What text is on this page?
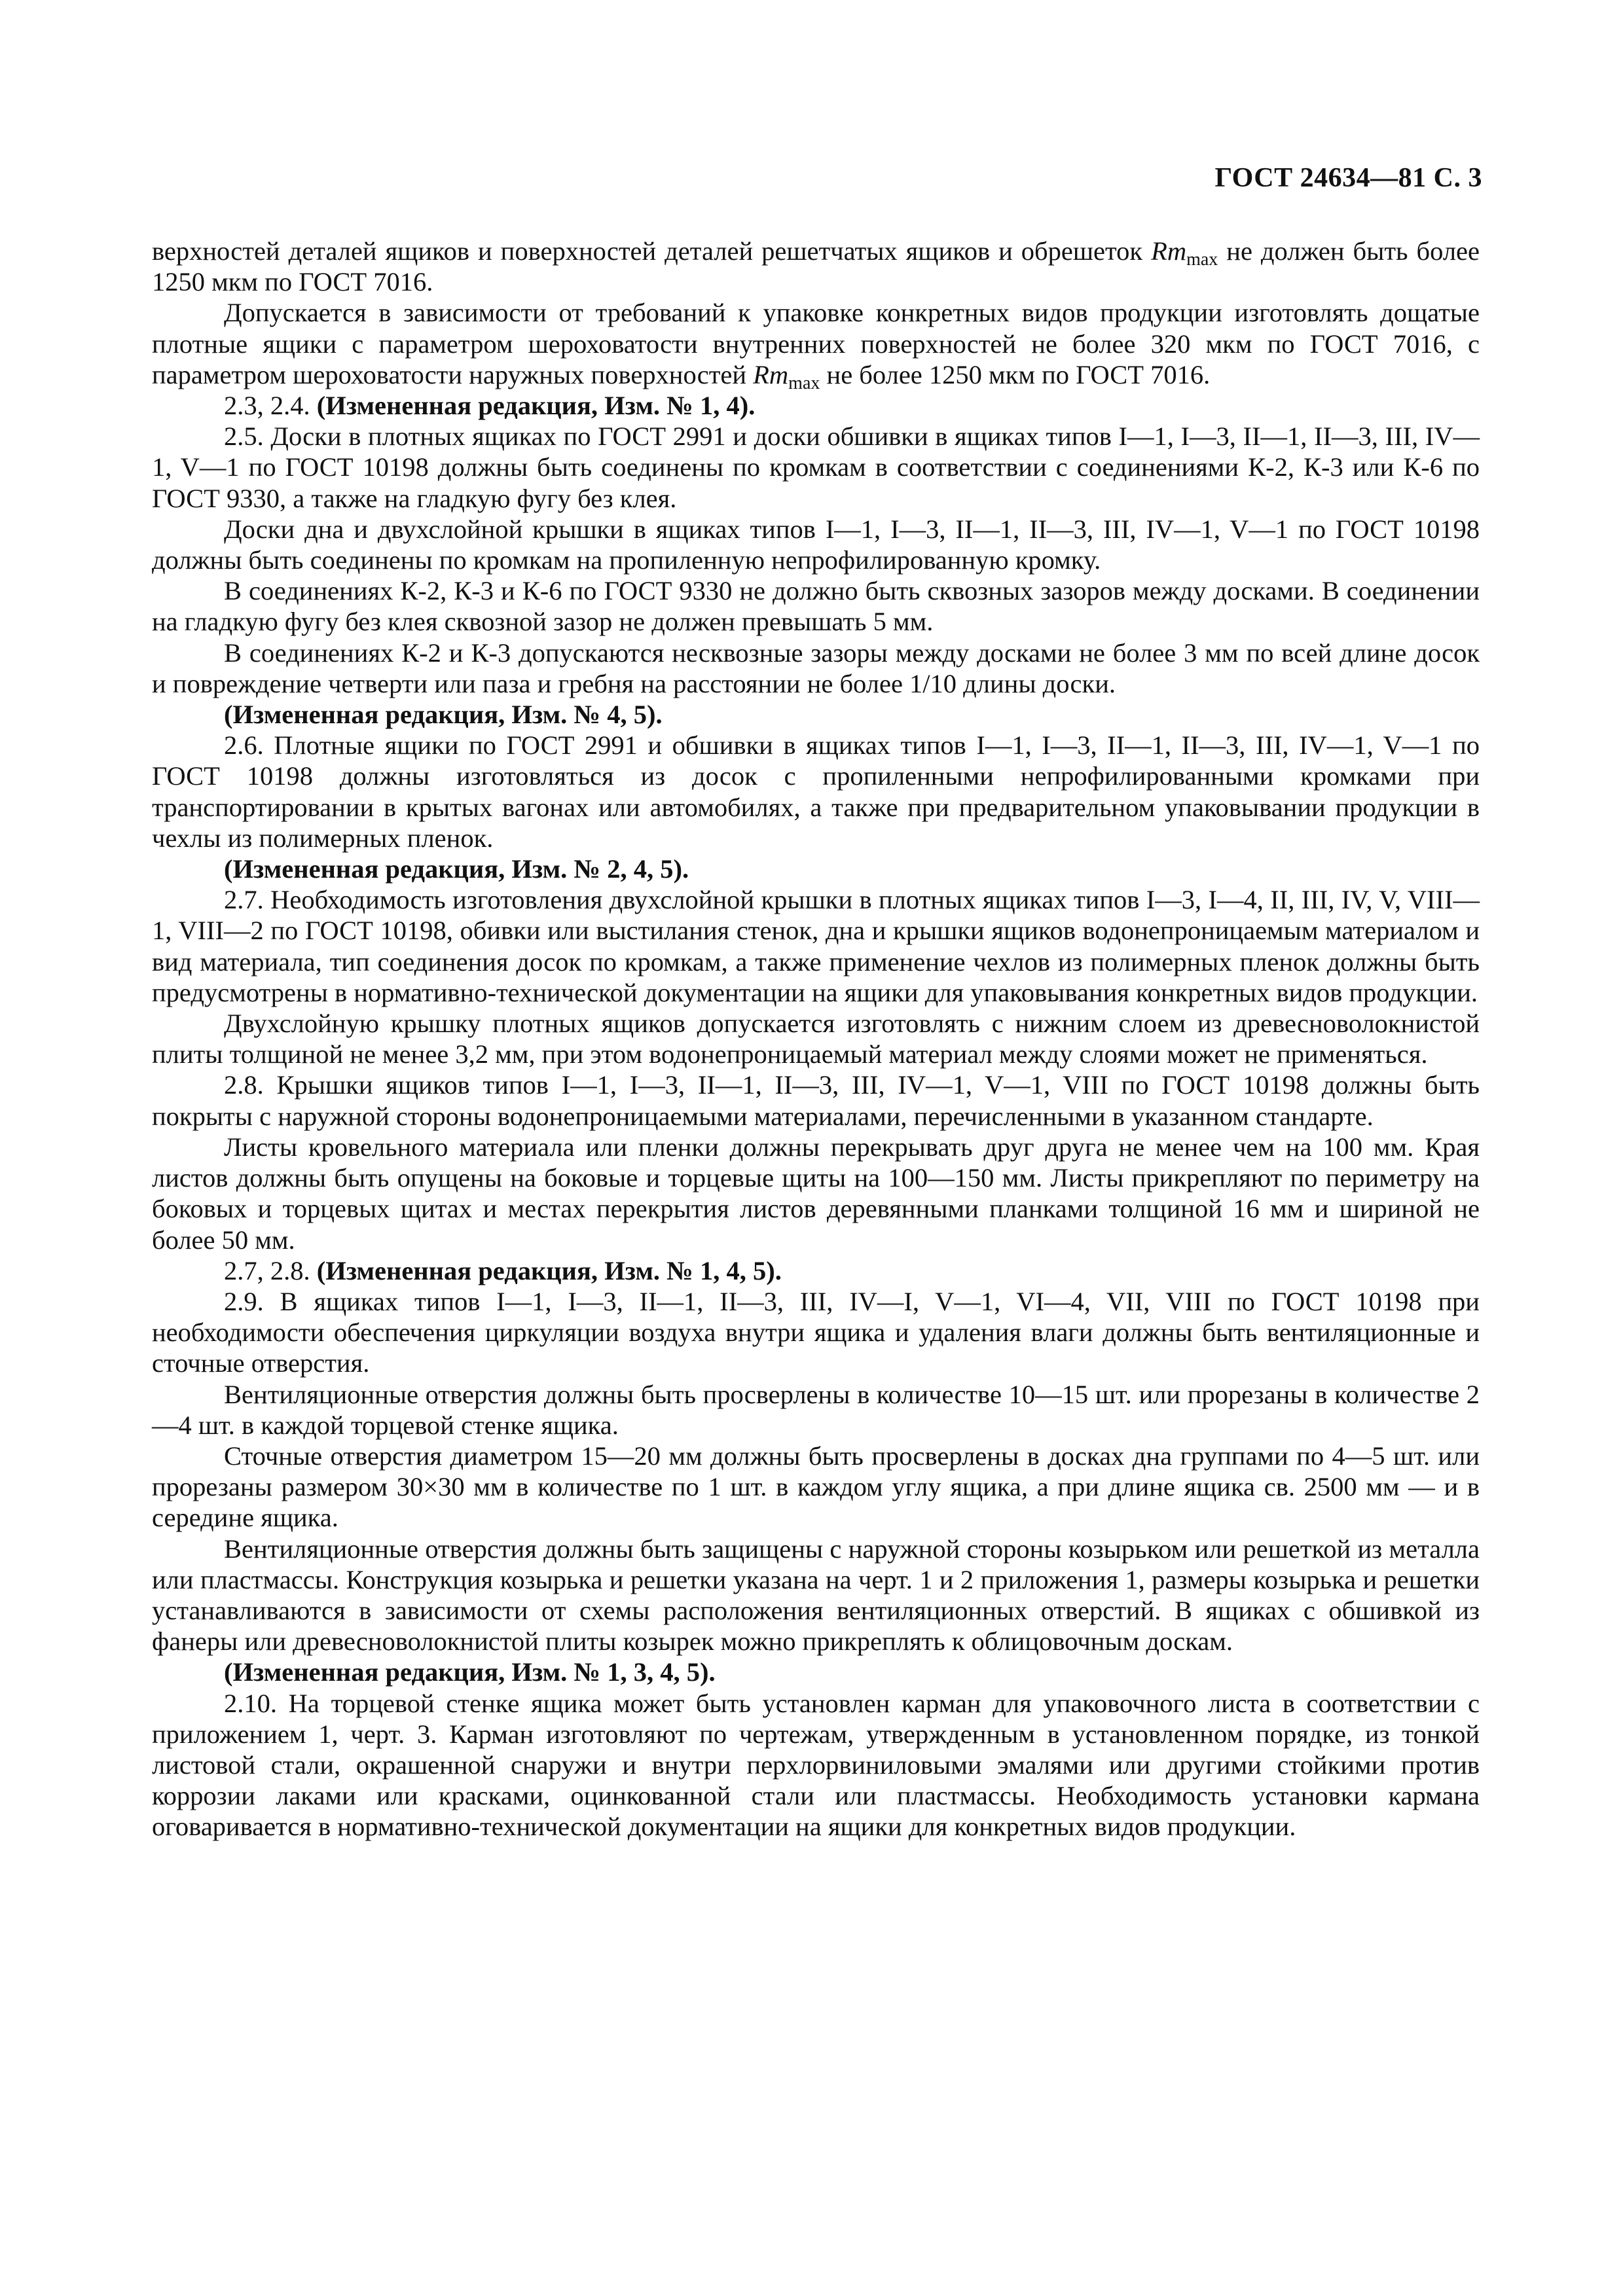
ГОСТ 24634—81 С. 3

верхностей деталей ящиков и поверхностей деталей решетчатых ящиков и обрешеток $Rm_{max}$ не должен быть более 1250 мкм по ГОСТ 7016.

Допускается в зависимости от требований к упаковке конкретных видов продукции изготовлять дощатые плотные ящики с параметром шероховатости внутренних поверхностей не более 320 мкм по ГОСТ 7016, с параметром шероховатости наружных поверхностей $Rm_{max}$ не более 1250 мкм по ГОСТ 7016.

2.3, 2.4. (Измененная редакция, Изм. № 1, 4).

2.5. Доски в плотных ящиках по ГОСТ 2991 и доски обшивки в ящиках типов I—1, I—3, II—1, II—3, III, IV—1, V—1 по ГОСТ 10198 должны быть соединены по кромкам в соответствии с соединениями К-2, К-3 или К-6 по ГОСТ 9330, а также на гладкую фугу без клея.

Доски дна и двухслойной крышки в ящиках типов I—1, I—3, II—1, II—3, III, IV—1, V—1 по ГОСТ 10198 должны быть соединены по кромкам на пропиленную непрофилированную кромку.

В соединениях К-2, К-3 и К-6 по ГОСТ 9330 не должно быть сквозных зазоров между досками. В соединении на гладкую фугу без клея сквозной зазор не должен превышать 5 мм.

В соединениях К-2 и К-3 допускаются несквозные зазоры между досками не более 3 мм по всей длине досок и повреждение четверти или паза и гребня на расстоянии не более 1/10 длины доски.

(Измененная редакция, Изм. № 4, 5).

2.6. Плотные ящики по ГОСТ 2991 и обшивки в ящиках типов I—1, I—3, II—1, II—3, III, IV—1, V—1 по ГОСТ 10198 должны изготовляться из досок с пропиленными непрофилированными кромками при транспортировании в крытых вагонах или автомобилях, а также при предварительном упаковывании продукции в чехлы из полимерных пленок.

(Измененная редакция, Изм. № 2, 4, 5).

2.7. Необходимость изготовления двухслойной крышки в плотных ящиках типов I—3, I—4, II, III, IV, V, VIII—1, VIII—2 по ГОСТ 10198, обивки или выстилания стенок, дна и крышки ящиков водонепроницаемым материалом и вид материала, тип соединения досок по кромкам, а также применение чехлов из полимерных пленок должны быть предусмотрены в нормативно-технической документации на ящики для упаковывания конкретных видов продукции.

Двухслойную крышку плотных ящиков допускается изготовлять с нижним слоем из древесноволокнистой плиты толщиной не менее 3,2 мм, при этом водонепроницаемый материал между слоями может не применяться.

2.8. Крышки ящиков типов I—1, I—3, II—1, II—3, III, IV—1, V—1, VIII по ГОСТ 10198 должны быть покрыты с наружной стороны водонепроницаемыми материалами, перечисленными в указанном стандарте.

Листы кровельного материала или пленки должны перекрывать друг друга не менее чем на 100 мм. Края листов должны быть опущены на боковые и торцевые щиты на 100—150 мм. Листы прикрепляют по периметру на боковых и торцевых щитах и местах перекрытия листов деревянными планками толщиной 16 мм и шириной не более 50 мм.

2.7, 2.8. (Измененная редакция, Изм. № 1, 4, 5).

2.9. В ящиках типов I—1, I—3, II—1, II—3, III, IV—I, V—1, VI—4, VII, VIII по ГОСТ 10198 при необходимости обеспечения циркуляции воздуха внутри ящика и удаления влаги должны быть вентиляционные и сточные отверстия.

Вентиляционные отверстия должны быть просверлены в количестве 10—15 шт. или прорезаны в количестве 2—4 шт. в каждой торцевой стенке ящика.

Сточные отверстия диаметром 15—20 мм должны быть просверлены в досках дна группами по 4—5 шт. или прорезаны размером 30×30 мм в количестве по 1 шт. в каждом углу ящика, а при длине ящика св. 2500 мм — и в середине ящика.

Вентиляционные отверстия должны быть защищены с наружной стороны козырьком или решеткой из металла или пластмассы. Конструкция козырька и решетки указана на черт. 1 и 2 приложения 1, размеры козырька и решетки устанавливаются в зависимости от схемы расположения вентиляционных отверстий. В ящиках с обшивкой из фанеры или древесноволокнистой плиты козырек можно прикреплять к облицовочным доскам.

(Измененная редакция, Изм. № 1, 3, 4, 5).

2.10. На торцевой стенке ящика может быть установлен карман для упаковочного листа в соответствии с приложением 1, черт. 3. Карман изготовляют по чертежам, утвержденным в установленном порядке, из тонкой листовой стали, окрашенной снаружи и внутри перхлорвиниловыми эмалями или другими стойкими против коррозии лаками или красками, оцинкованной стали или пластмассы. Необходимость установки кармана оговаривается в нормативно-технической документации на ящики для конкретных видов продукции.
